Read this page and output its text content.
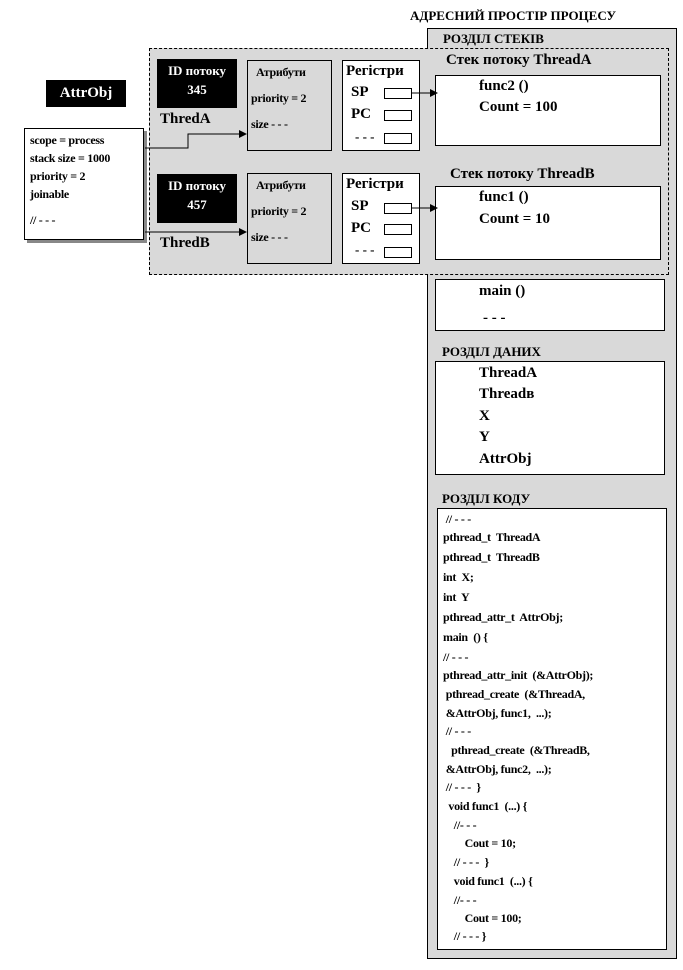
АДРЕСНИЙ ПРОСТІР ПРОЦЕСУ
РОЗДІЛ СТЕКІВ
Стек потоку ThreadA
func2 ()
Count = 100
Стек потоку ThreadB
func1 ()
Count = 10
main ()
- - -
РОЗДІЛ ДАНИХ
ThreadA
Threadв
X
Y
AttrObj
РОЗДІЛ КОДУ
// - - -
pthread_t  ThreadA
pthread_t  ThreadB
int  X;
int  Y
pthread_attr_t  AttrObj;
main  () {
// - - -
pthread_attr_init  (&AttrObj);
pthread_create  (&ThreadA,
&AttrObj, func1,  ...);
// - - -
pthread_create  (&ThreadB,
&AttrObj, func2,  ...);
// - - -  }
void func1  (...) {
//- - -
Cout = 10;
// - - -  }
void func1  (...) {
//- - -
Cout = 100;
// - - - }
AttrObj
scope = process
stack size = 1000
priority = 2
joinable
// - - -
ID потоку
345
ThredA
Атрибути
priority = 2
size - - -
Регістри
SP
PC
- - -
ID потоку
457
ThredB
Атрибути
priority = 2
size - - -
Регістри
SP
PC
- - -
